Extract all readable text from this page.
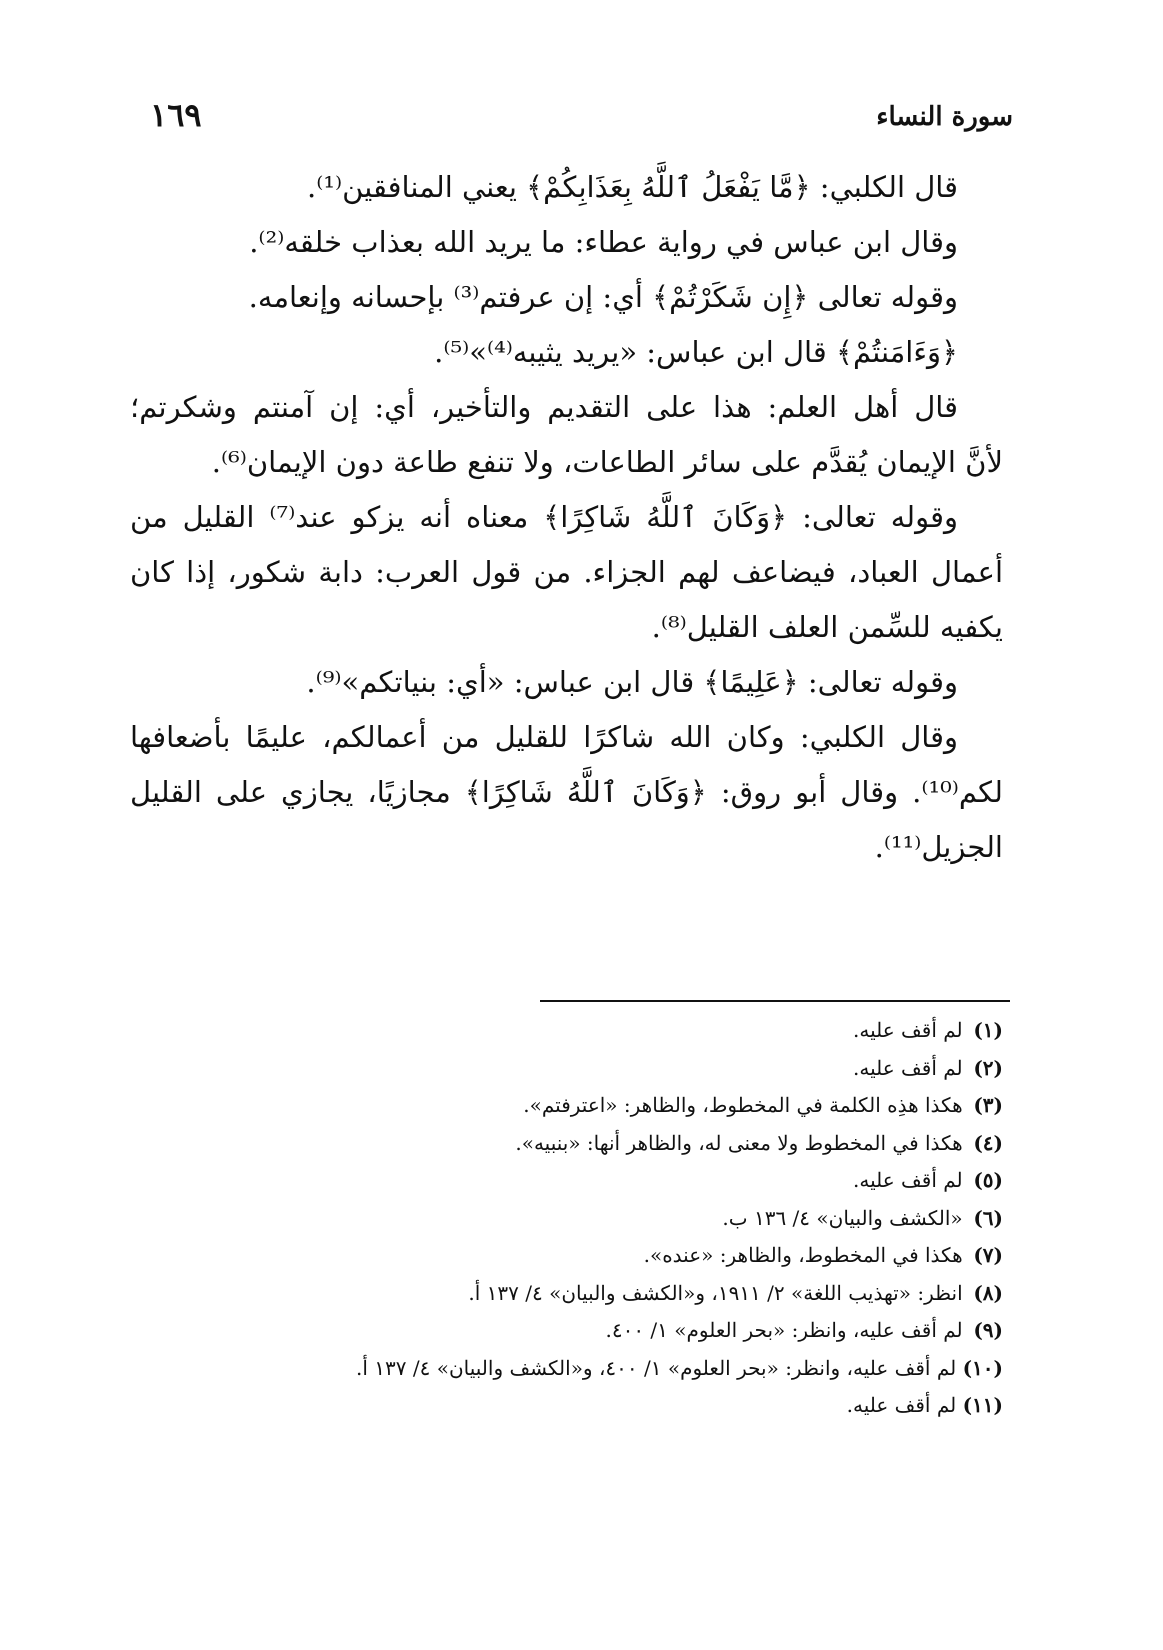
سورة النساء
١٦٩
قال الكلبي: ﴿مَّا يَفْعَلُ ٱللَّهُ بِعَذَابِكُمْ﴾ يعني المنافقين⁽¹⁾.
وقال ابن عباس في رواية عطاء: ما يريد الله بعذاب خلقه⁽²⁾.
وقوله تعالى ﴿إِن شَكَرْتُمْ﴾ أي: إن عرفتم⁽³⁾ بإحسانه وإنعامه.
﴿وَءَامَنتُمْ﴾ قال ابن عباس: «يريد يثيبه⁽⁴⁾»⁽⁵⁾.
قال أهل العلم: هذا على التقديم والتأخير، أي: إن آمنتم وشكرتم؛
لأنَّ الإيمان يُقدَّم على سائر الطاعات، ولا تنفع طاعة دون الإيمان⁽⁶⁾.
وقوله تعالى: ﴿وَكَانَ ٱللَّهُ شَاكِرًا﴾ معناه أنه يزكو عند⁽⁷⁾ القليل من
أعمال العباد، فيضاعف لهم الجزاء. من قول العرب: دابة شكور، إذا كان
يكفيه للسِّمن العلف القليل⁽⁸⁾.
وقوله تعالى: ﴿عَلِيمًا﴾ قال ابن عباس: «أي: بنياتكم»⁽⁹⁾.
وقال الكلبي: وكان الله شاكرًا للقليل من أعمالكم، عليمًا بأضعافها
لكم⁽¹⁰⁾. وقال أبو روق: ﴿وَكَانَ ٱللَّهُ شَاكِرًا﴾ مجازيًا، يجازي على القليل
الجزيل⁽¹¹⁾.
(١) لم أقف عليه.
(٢) لم أقف عليه.
(٣) هكذا هذِه الكلمة في المخطوط، والظاهر: «اعترفتم».
(٤) هكذا في المخطوط ولا معنى له، والظاهر أنها: «بنبيه».
(٥) لم أقف عليه.
(٦) «الكشف والبيان» ٤/ ١٣٦ ب.
(٧) هكذا في المخطوط، والظاهر: «عنده».
(٨) انظر: «تهذيب اللغة» ٢/ ١٩١١، و«الكشف والبيان» ٤/ ١٣٧ أ.
(٩) لم أقف عليه، وانظر: «بحر العلوم» ١/ ٤٠٠.
(١٠) لم أقف عليه، وانظر: «بحر العلوم» ١/ ٤٠٠، و«الكشف والبيان» ٤/ ١٣٧ أ.
(١١) لم أقف عليه.
